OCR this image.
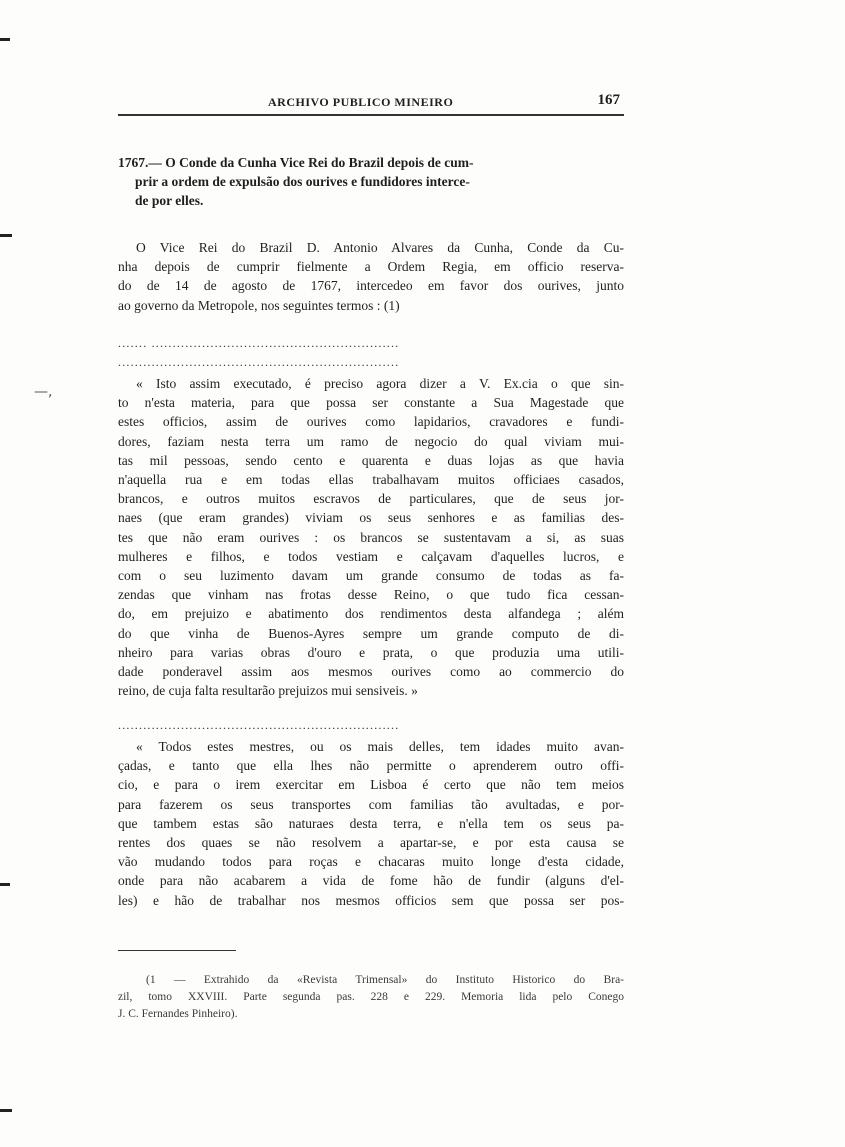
—,
ARCHIVO PUBLICO MINEIRO	167
1767.— O Conde da Cunha Vice Rei do Brazil depois de cum-
prir a ordem de expulsão dos ourives e fundidores interce-
de por elles.
O Vice Rei do Brazil D. Antonio Alvares da Cunha, Conde da Cu-
nha depois de cumprir fielmente a Ordem Regia, em officio reserva-
do de 14 de agosto de 1767, intercedeo em favor dos ourives, junto
ao governo da Metropole, nos seguintes termos : (1)
....... ...........................................................
...................................................................
« Isto assim executado, é preciso agora dizer a V. Ex.cia o que sin-
to n'esta materia, para que possa ser constante a Sua Magestade que
estes officios, assim de ourives como lapidarios, cravadores e fundi-
dores, faziam nesta terra um ramo de negocio do qual viviam mui-
tas mil pessoas, sendo cento e quarenta e duas lojas as que havia
n'aquella rua e em todas ellas trabalhavam muitos officiaes casados,
brancos, e outros muitos escravos de particulares, que de seus jor-
naes (que eram grandes) viviam os seus senhores e as familias des-
tes que não eram ourives : os brancos se sustentavam a si, as suas
mulheres e filhos, e todos vestiam e calçavam d'aquelles lucros, e
com o seu luzimento davam um grande consumo de todas as fa-
zendas que vinham nas frotas desse Reino, o que tudo fica cessan-
do, em prejuizo e abatimento dos rendimentos desta alfandega ; além
do que vinha de Buenos-Ayres sempre um grande computo de di-
nheiro para varias obras d'ouro e prata, o que produzia uma utili-
dade ponderavel assim aos mesmos ourives como ao commercio do
reino, de cuja falta resultarão prejuizos mui sensiveis. »
...................................................................
« Todos estes mestres, ou os mais delles, tem idades muito avan-
çadas, e tanto que ella lhes não permitte o aprenderem outro offi-
cio, e para o irem exercitar em Lisboa é certo que não tem meios
para fazerem os seus transportes com familias tão avultadas, e por-
que tambem estas são naturaes desta terra, e n'ella tem os seus pa-
rentes dos quaes se não resolvem a apartar-se, e por esta causa se
vão mudando todos para roças e chacaras muito longe d'esta cidade,
onde para não acabarem a vida de fome hão de fundir (alguns d'el-
les) e hão de trabalhar nos mesmos officios sem que possa ser pos-
(1 — Extrahido da «Revista Trimensal» do Instituto Historico do Bra-
zil, tomo XXVIII. Parte segunda pas. 228 e 229. Memoria lida pelo Conego
J. C. Fernandes Pinheiro).
